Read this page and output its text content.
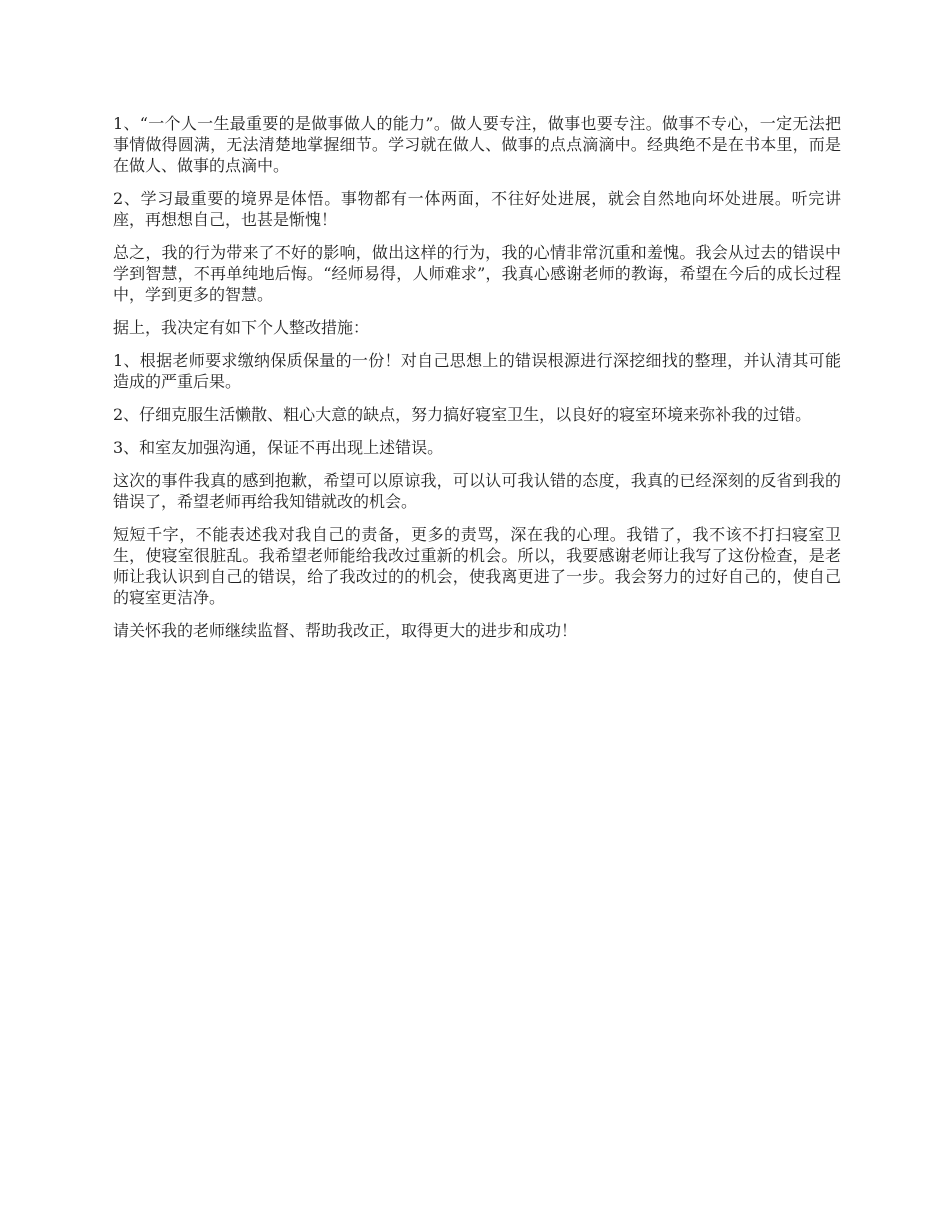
1、“一个人一生最重要的是做事做人的能力”。做人要专注，做事也要专注。做事不专心，一定无法把事情做得圆满，无法清楚地掌握细节。学习就在做人、做事的点点滴滴中。经典绝不是在书本里，而是在做人、做事的点滴中。

2、学习最重要的境界是体悟。事物都有一体两面，不往好处进展，就会自然地向坏处进展。听完讲座，再想想自己，也甚是惭愧！

总之，我的行为带来了不好的影响，做出这样的行为，我的心情非常沉重和羞愧。我会从过去的错误中学到智慧，不再单纯地后悔。“经师易得，人师难求”，我真心感谢老师的教诲，希望在今后的成长过程中，学到更多的智慧。

据上，我决定有如下个人整改措施：

1、根据老师要求缴纳保质保量的一份！对自己思想上的错误根源进行深挖细找的整理，并认清其可能造成的严重后果。

2、仔细克服生活懒散、粗心大意的缺点，努力搞好寝室卫生，以良好的寝室环境来弥补我的过错。

3、和室友加强沟通，保证不再出现上述错误。

这次的事件我真的感到抱歉，希望可以原谅我，可以认可我认错的态度，我真的已经深刻的反省到我的错误了，希望老师再给我知错就改的机会。

短短千字，不能表述我对我自己的责备，更多的责骂，深在我的心理。我错了，我不该不打扫寝室卫生，使寝室很脏乱。我希望老师能给我改过重新的机会。所以，我要感谢老师让我写了这份检查，是老师让我认识到自己的错误，给了我改过的的机会，使我离更进了一步。我会努力的过好自己的，使自己的寝室更洁净。

请关怀我的老师继续监督、帮助我改正，取得更大的进步和成功！
